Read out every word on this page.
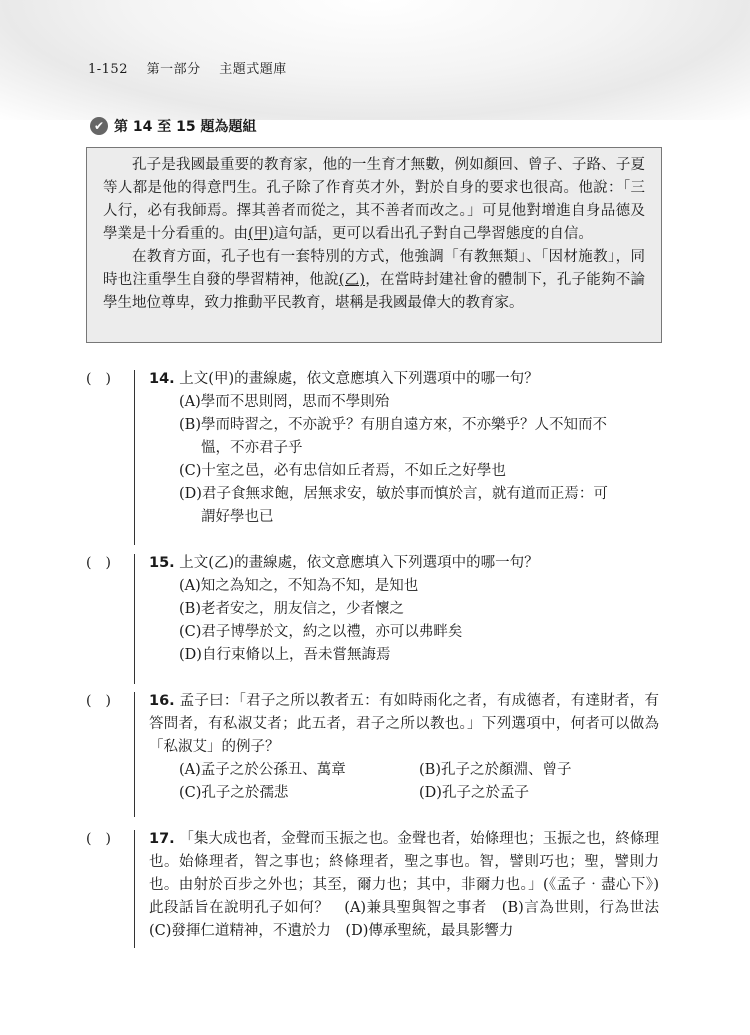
1-152 第一部分 主題式題庫
✔ 第 14 至 15 題為題組

孔子是我國最重要的教育家，他的一生育才無數，例如顏回、曾子、子路、子夏等人都是他的得意門生。孔子除了作育英才外，對於自身的要求也很高。他說：「三人行，必有我師焉。擇其善者而從之，其不善者而改之。」可見他對增進自身品德及學業是十分看重的。由(甲)這句話，更可以看出孔子對自己學習態度的自信。

在教育方面，孔子也有一套特別的方式，他強調「有教無類」、「因材施教」，同時也注重學生自發的學習精神，他說(乙)，在當時封建社會的體制下，孔子能夠不論學生地位尊卑，致力推動平民教育，堪稱是我國最偉大的教育家。

(　)	14. 上文(甲)的畫線處，依文意應填入下列選項中的哪一句？
(A)學而不思則罔，思而不學則殆
(B)學而時習之，不亦說乎？有朋自遠方來，不亦樂乎？人不知而不
慍，不亦君子乎
(C)十室之邑，必有忠信如丘者焉，不如丘之好學也
(D)君子食無求飽，居無求安，敏於事而慎於言，就有道而正焉：可
謂好學也已
(　)	15. 上文(乙)的畫線處，依文意應填入下列選項中的哪一句？
(A)知之為知之，不知為不知，是知也
(B)老者安之，朋友信之，少者懷之
(C)君子博學於文，約之以禮，亦可以弗畔矣
(D)自行束脩以上，吾未嘗無誨焉
(　)	16. 孟子曰：「君子之所以教者五：有如時雨化之者，有成德者，有達財者，有答問者，有私淑艾者；此五者，君子之所以教也。」下列選項中，何者可以做為「私淑艾」的例子？
(A)孟子之於公孫丑、萬章	(B)孔子之於顏淵、曾子
(C)孔子之於孺悲	(D)孔子之於孟子
(　)	17. 「集大成也者，金聲而玉振之也。金聲也者，始條理也；玉振之也，終條理也。始條理者，智之事也；終條理者，聖之事也。智，譬則巧也；聖，譬則力也。由射於百步之外也；其至，爾力也；其中，非爾力也。」(《孟子‧盡心下》)此段話旨在說明孔子如何？　(A)兼具聖與智之事者　(B)言為世則，行為世法　(C)發揮仁道精神，不遺於力　(D)傳承聖統，最具影響力
